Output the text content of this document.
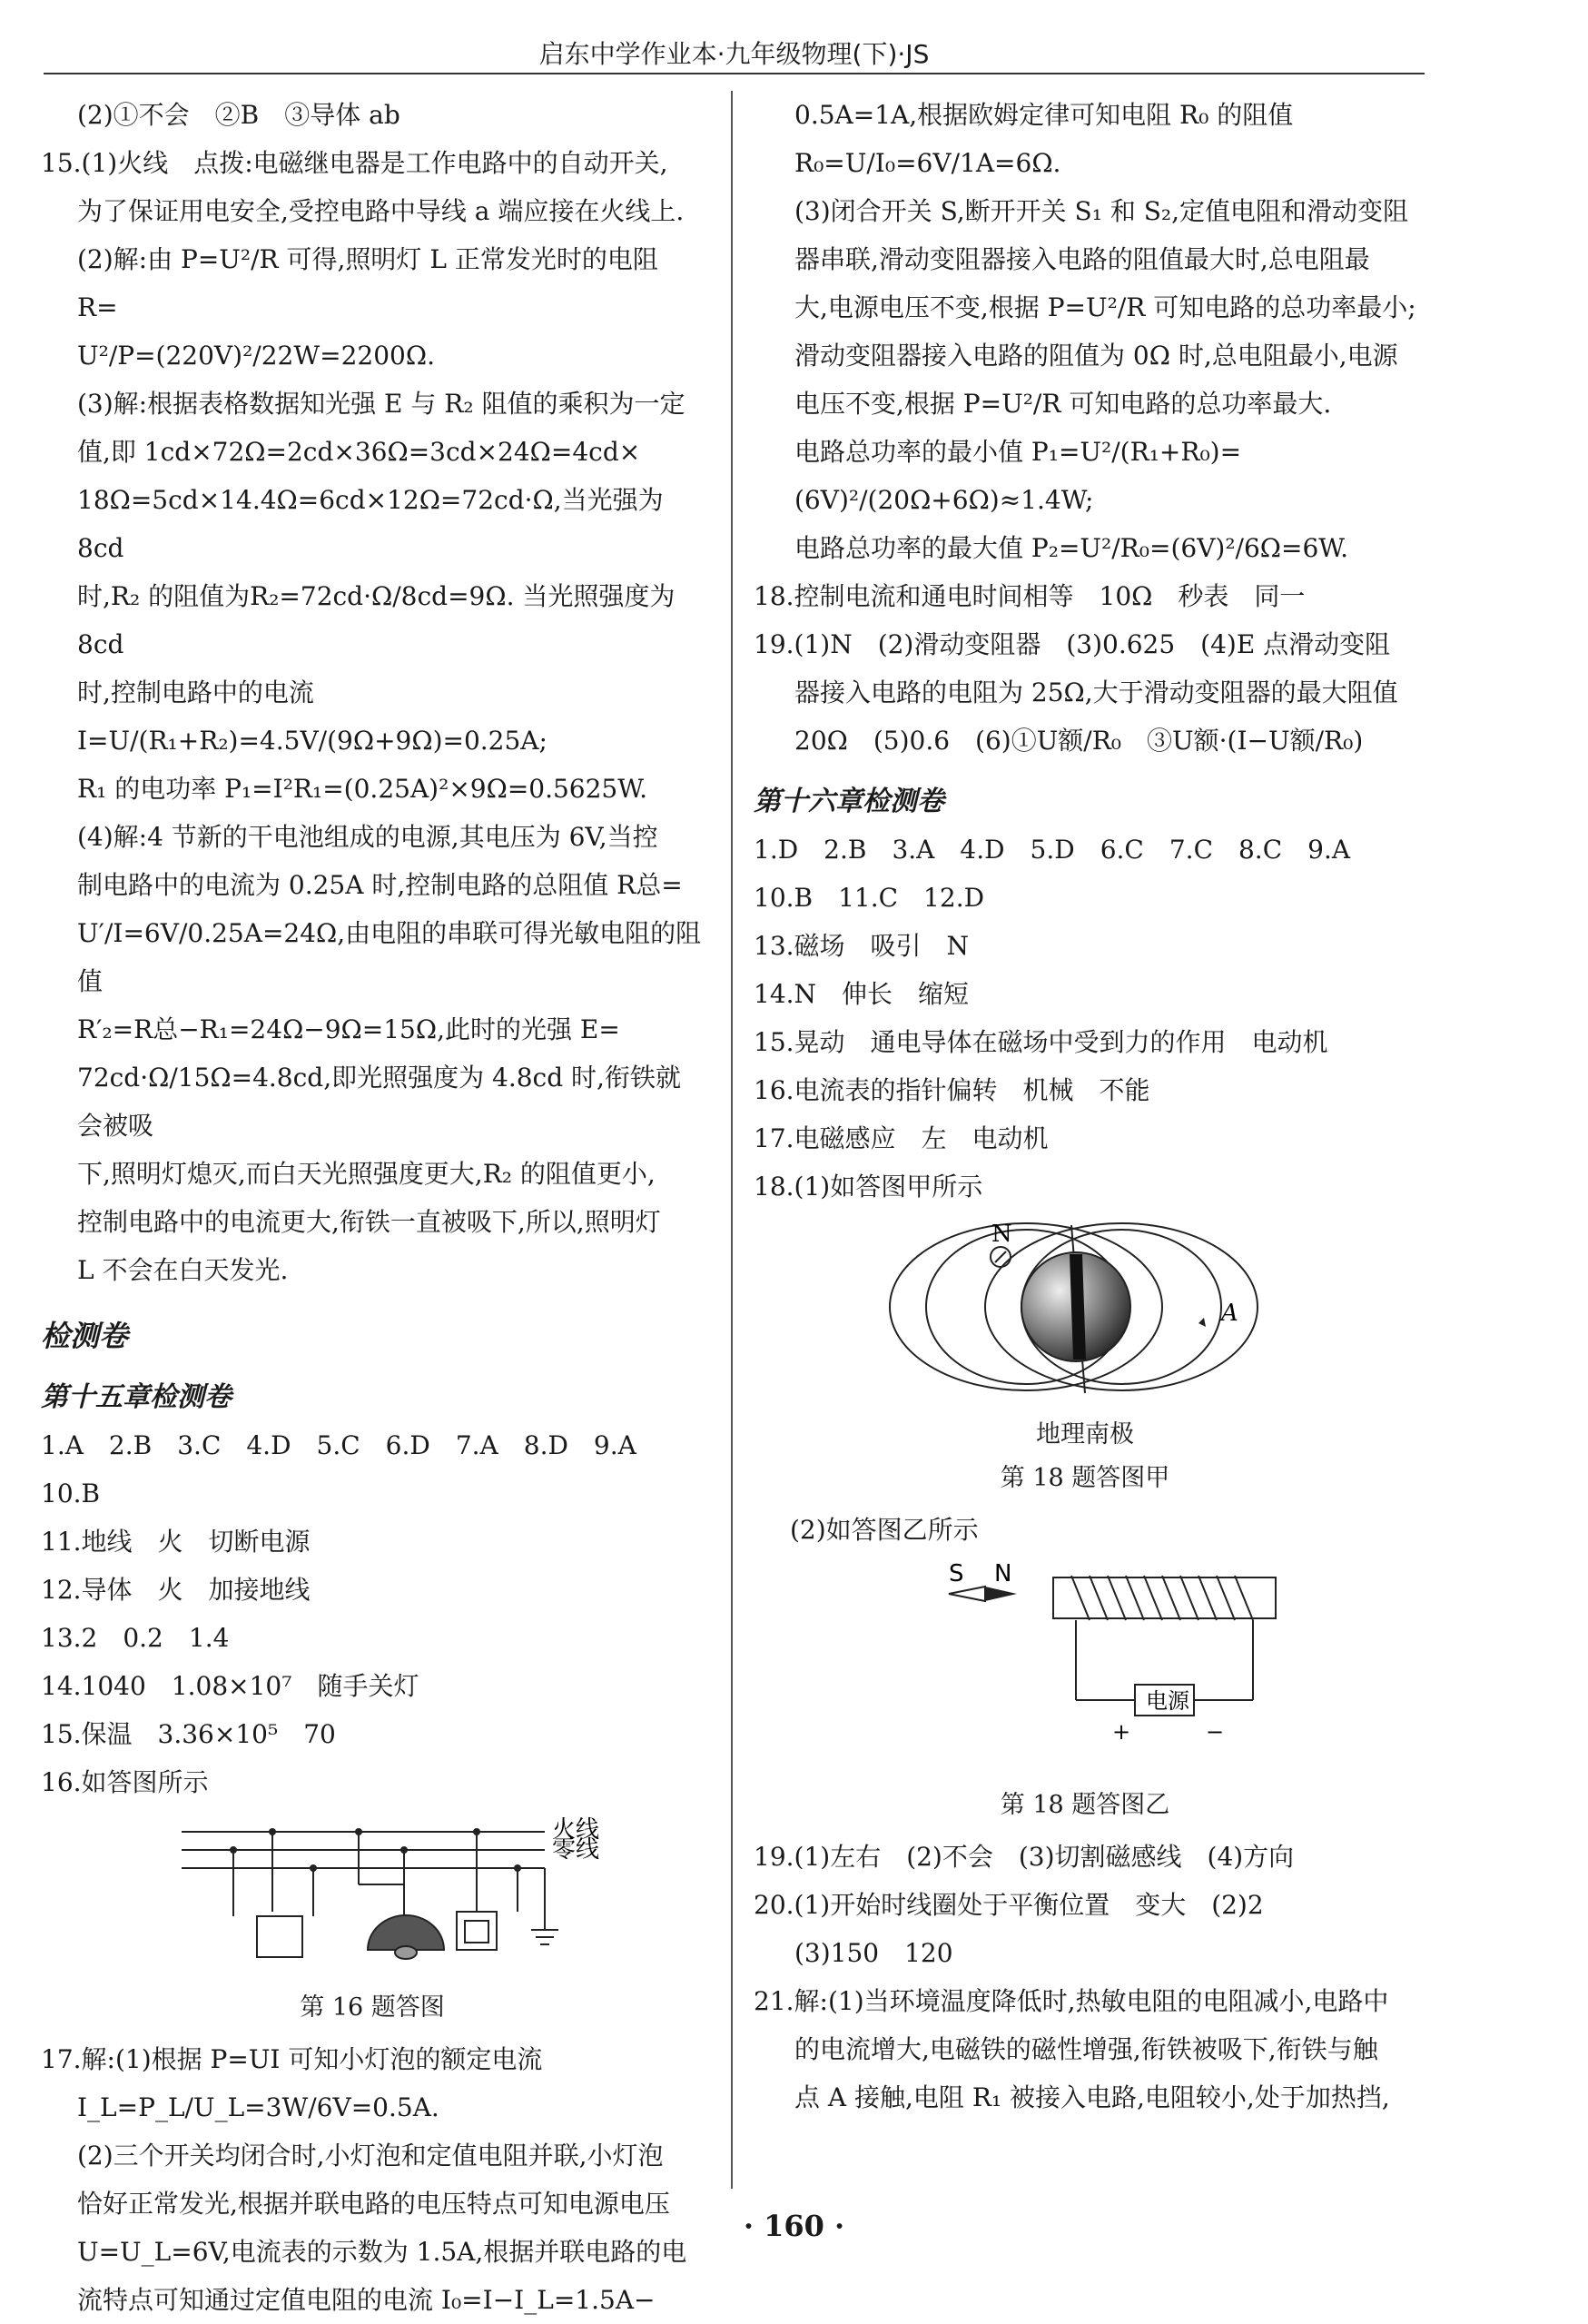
启东中学作业本·九年级物理(下)·JS
(2)①不会　②B　③导体 ab
15.(1)火线　点拨:电磁继电器是工作电路中的自动开关,
为了保证用电安全,受控电路中导线 a 端应接在火线上.
(2)解:由 P=U²/R 可得,照明灯 L 正常发光时的电阻 R=
U²/P=(220V)²/22W=2200Ω.
(3)解:根据表格数据知光强 E 与 R₂ 阻值的乘积为一定
值,即 1cd×72Ω=2cd×36Ω=3cd×24Ω=4cd×
18Ω=5cd×14.4Ω=6cd×12Ω=72cd·Ω,当光强为 8cd
时,R₂ 的阻值为R₂=72cd·Ω/8cd=9Ω. 当光照强度为 8cd
时,控制电路中的电流 I=U/(R₁+R₂)=4.5V/(9Ω+9Ω)=0.25A;
R₁ 的电功率 P₁=I²R₁=(0.25A)²×9Ω=0.5625W.
(4)解:4 节新的干电池组成的电源,其电压为 6V,当控
制电路中的电流为 0.25A 时,控制电路的总阻值 R总=
U′/I=6V/0.25A=24Ω,由电阻的串联可得光敏电阻的阻值
R′₂=R总−R₁=24Ω−9Ω=15Ω,此时的光强 E=
72cd·Ω/15Ω=4.8cd,即光照强度为 4.8cd 时,衔铁就会被吸
下,照明灯熄灭,而白天光照强度更大,R₂ 的阻值更小,
控制电路中的电流更大,衔铁一直被吸下,所以,照明灯
L 不会在白天发光.
检测卷
第十五章检测卷
1.A　2.B　3.C　4.D　5.C　6.D　7.A　8.D　9.A　10.B
11.地线　火　切断电源
12.导体　火　加接地线
13.2　0.2　1.4
14.1040　1.08×10⁷　随手关灯
15.保温　3.36×10⁵　70
16.如答图所示
火线
零线
第 16 题答图
17.解:(1)根据 P=UI 可知小灯泡的额定电流
I_L=P_L/U_L=3W/6V=0.5A.
(2)三个开关均闭合时,小灯泡和定值电阻并联,小灯泡
恰好正常发光,根据并联电路的电压特点可知电源电压
U=U_L=6V,电流表的示数为 1.5A,根据并联电路的电
流特点可知通过定值电阻的电流 I₀=I−I_L=1.5A−
0.5A=1A,根据欧姆定律可知电阻 R₀ 的阻值
R₀=U/I₀=6V/1A=6Ω.
(3)闭合开关 S,断开开关 S₁ 和 S₂,定值电阻和滑动变阻
器串联,滑动变阻器接入电路的阻值最大时,总电阻最
大,电源电压不变,根据 P=U²/R 可知电路的总功率最小;
滑动变阻器接入电路的阻值为 0Ω 时,总电阻最小,电源
电压不变,根据 P=U²/R 可知电路的总功率最大.
电路总功率的最小值 P₁=U²/(R₁+R₀)=(6V)²/(20Ω+6Ω)≈1.4W;
电路总功率的最大值 P₂=U²/R₀=(6V)²/6Ω=6W.
18.控制电流和通电时间相等　10Ω　秒表　同一
19.(1)N　(2)滑动变阻器　(3)0.625　(4)E 点滑动变阻
器接入电路的电阻为 25Ω,大于滑动变阻器的最大阻值
20Ω　(5)0.6　(6)①U额/R₀　③U额·(I−U额/R₀)
第十六章检测卷
1.D　2.B　3.A　4.D　5.D　6.C　7.C　8.C　9.A
10.B　11.C　12.D
13.磁场　吸引　N
14.N　伸长　缩短
15.晃动　通电导体在磁场中受到力的作用　电动机
16.电流表的指针偏转　机械　不能
17.电磁感应　左　电动机
18.(1)如答图甲所示
N
A
地理南极
第 18 题答图甲
(2)如答图乙所示
S N
电源
+	−
第 18 题答图乙
19.(1)左右　(2)不会　(3)切割磁感线　(4)方向
20.(1)开始时线圈处于平衡位置　变大　(2)2
(3)150　120
21.解:(1)当环境温度降低时,热敏电阻的电阻减小,电路中
的电流增大,电磁铁的磁性增强,衔铁被吸下,衔铁与触
点 A 接触,电阻 R₁ 被接入电路,电阻较小,处于加热挡,
· 160 ·
